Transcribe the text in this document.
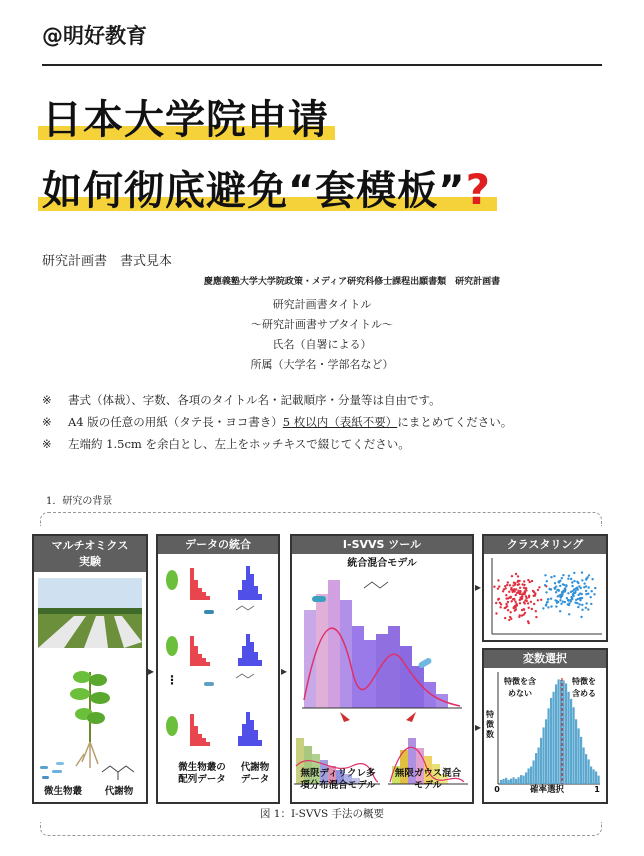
@明好教育
日本大学院申请
如何彻底避免“套模板”?
研究計画書　書式見本
慶應義塾大学大学院政策・メディア研究科修士課程出願書類　研究計画書
研究計画書タイトル
〜研究計画書サブタイトル〜
氏名（自署による）
所属（大学名・学部名など）
※ 書式（体裁）、字数、各項のタイトル名・記載順序・分量等は自由です。
※ A4 版の任意の用紙（タテ長・ヨコ書き）5 枚以内（表紙不要）にまとめてください。
※ 左端約 1.5cm を余白とし、左上をホッチキスで綴じてください。
1．研究の背景
マルチオミクス
実験
微生物叢	代謝物
▸
データの統合
⋮
微生物叢の
配列データ
代謝物
データ
▸
I-SVVS ツール
統合混合モデル
無限ディリクレ多
項分布混合モデル
無限ガウス混合
モデル
▸
▸
クラスタリング
変数選択
特徴を含
めない
特徴を
含める
特徴数
0	確率選択	1
図 1：I-SVVS 手法の概要
